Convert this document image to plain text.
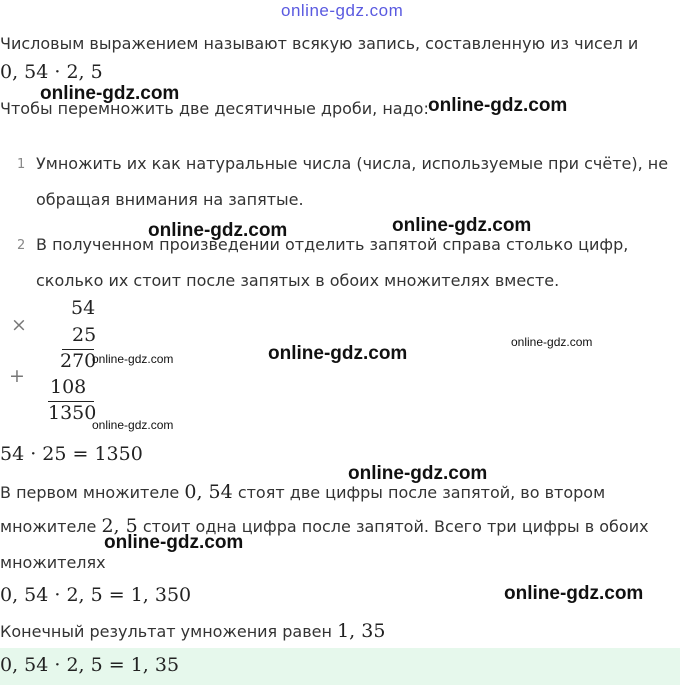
online-gdz.com
Числовым выражением называют всякую запись, составленную из чисел и
0, 54 · 2, 5
online-gdz.com
Чтобы перемножить две десятичные дроби, надо: online-gdz.com
1 Умножить их как натуральные числа (числа, используемые при счёте), не
обращая внимания на запятые.
online-gdz.com	online-gdz.com
2 В полученном произведении отделить запятой справа столько цифр,
сколько их стоит после запятых в обоих множителях вместе.
×
54
25
270
online-gdz.com
+ 108
1350
online-gdz.com
online-gdz.com
online-gdz.com
54 · 25 = 1350
online-gdz.com
В первом множителе 0, 54 стоят две цифры после запятой, во втором
множителе 2, 5 стоит одна цифра после запятой. Всего три цифры в обоих
online-gdz.com
множителях
0, 54 · 2, 5 = 1, 350	online-gdz.com
Конечный результат умножения равен 1, 35
0, 54 · 2, 5 = 1, 35
